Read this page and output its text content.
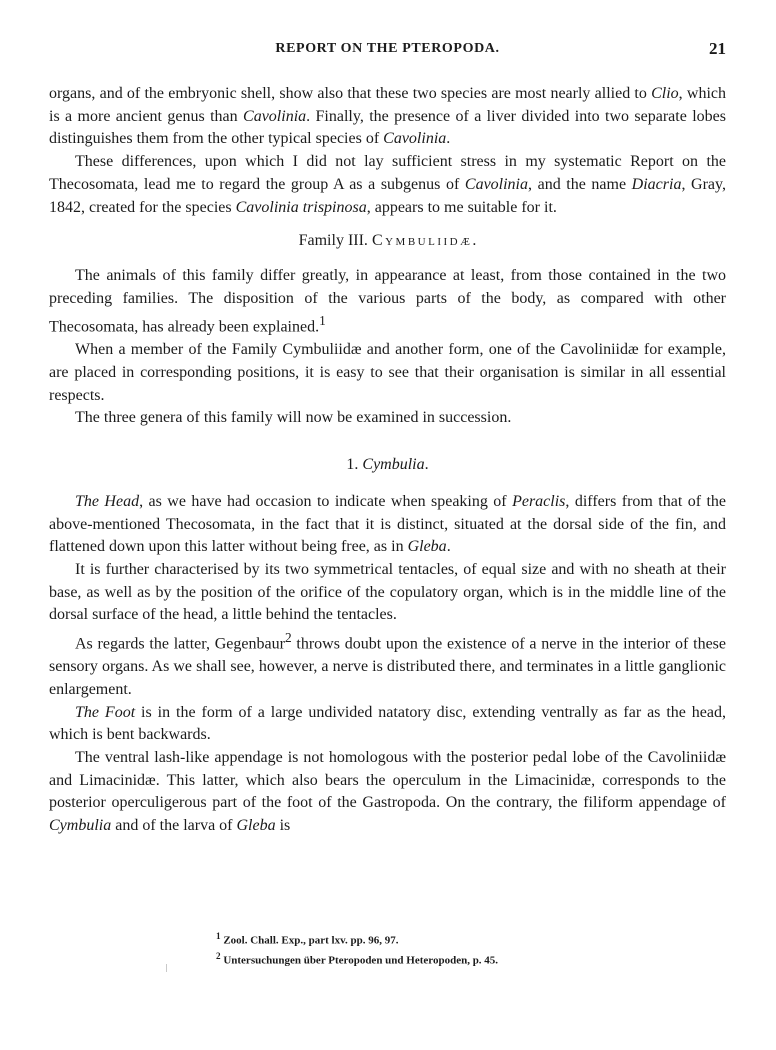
REPORT ON THE PTEROPODA.	21

organs, and of the embryonic shell, show also that these two species are most nearly allied to Clio, which is a more ancient genus than Cavolinia. Finally, the presence of a liver divided into two separate lobes distinguishes them from the other typical species of Cavolinia.

These differences, upon which I did not lay sufficient stress in my systematic Report on the Thecosomata, lead me to regard the group A as a subgenus of Cavolinia, and the name Diacria, Gray, 1842, created for the species Cavolinia trispinosa, appears to me suitable for it.

Family III. Cymbuliidæ.

The animals of this family differ greatly, in appearance at least, from those contained in the two preceding families. The disposition of the various parts of the body, as compared with other Thecosomata, has already been explained.$^1$

When a member of the Family Cymbuliidæ and another form, one of the Cavoliniidæ for example, are placed in corresponding positions, it is easy to see that their organisation is similar in all essential respects.

The three genera of this family will now be examined in succession.

1. Cymbulia.

The Head, as we have had occasion to indicate when speaking of Peraclis, differs from that of the above-mentioned Thecosomata, in the fact that it is distinct, situated at the dorsal side of the fin, and flattened down upon this latter without being free, as in Gleba.

It is further characterised by its two symmetrical tentacles, of equal size and with no sheath at their base, as well as by the position of the orifice of the copulatory organ, which is in the middle line of the dorsal surface of the head, a little behind the tentacles.

As regards the latter, Gegenbaur$^2$ throws doubt upon the existence of a nerve in the interior of these sensory organs. As we shall see, however, a nerve is distributed there, and terminates in a little ganglionic enlargement.

The Foot is in the form of a large undivided natatory disc, extending ventrally as far as the head, which is bent backwards.

The ventral lash-like appendage is not homologous with the posterior pedal lobe of the Cavoliniidæ and Limacinidæ. This latter, which also bears the operculum in the Limacinidæ, corresponds to the posterior operculigerous part of the foot of the Gastropoda. On the contrary, the filiform appendage of Cymbulia and of the larva of Gleba is

$^1$ Zool. Chall. Exp., part lxv. pp. 96, 97.

$^2$ Untersuchungen über Pteropoden und Heteropoden, p. 45.
